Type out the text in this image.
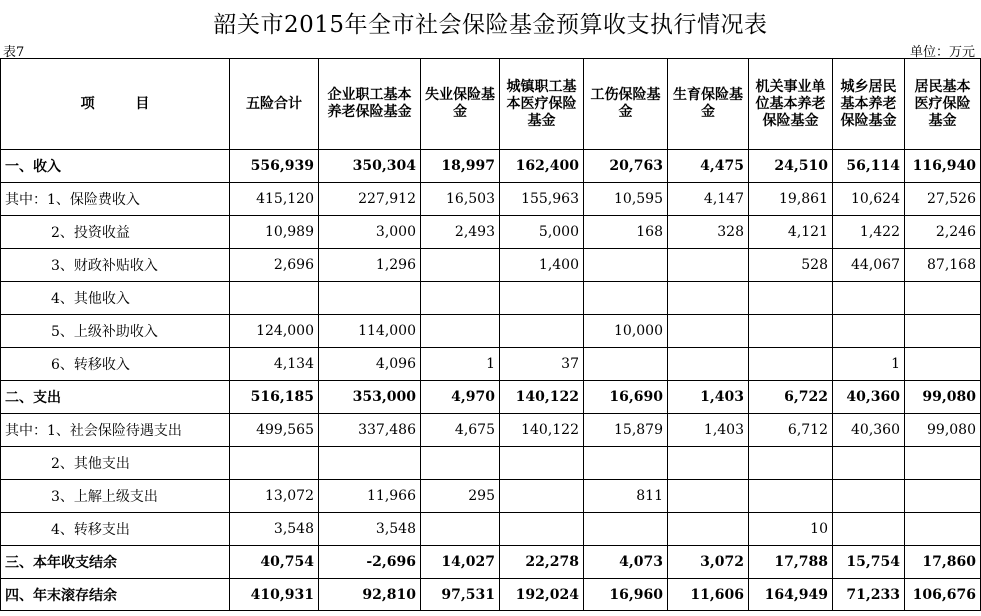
韶关市2015年全市社会保险基金预算收支执行情况表
表7	单位：万元
项 目	五险合计	企业职工基本养老保险基金	失业保险基金	城镇职工基本医疗保险基金	工伤保险基金	生育保险基金	机关事业单位基本养老保险基金	城乡居民基本养老保险基金	居民基本医疗保险基金
一、收入	556,939	350,304	18,997	162,400	20,763	4,475	24,510	56,114	116,940
其中：1、保险费收入	415,120	227,912	16,503	155,963	10,595	4,147	19,861	10,624	27,526
2、投资收益	10,989	3,000	2,493	5,000	168	328	4,121	1,422	2,246
3、财政补贴收入	2,696	1,296		1,400			528	44,067	87,168
4、其他收入									
5、上级补助收入	124,000	114,000			10,000				
6、转移收入	4,134	4,096	1	37				1	
二、支出	516,185	353,000	4,970	140,122	16,690	1,403	6,722	40,360	99,080
其中：1、社会保险待遇支出	499,565	337,486	4,675	140,122	15,879	1,403	6,712	40,360	99,080
2、其他支出									
3、上解上级支出	13,072	11,966	295		811				
4、转移支出	3,548	3,548					10		
三、本年收支结余	40,754	-2,696	14,027	22,278	4,073	3,072	17,788	15,754	17,860
四、年末滚存结余	410,931	92,810	97,531	192,024	16,960	11,606	164,949	71,233	106,676
